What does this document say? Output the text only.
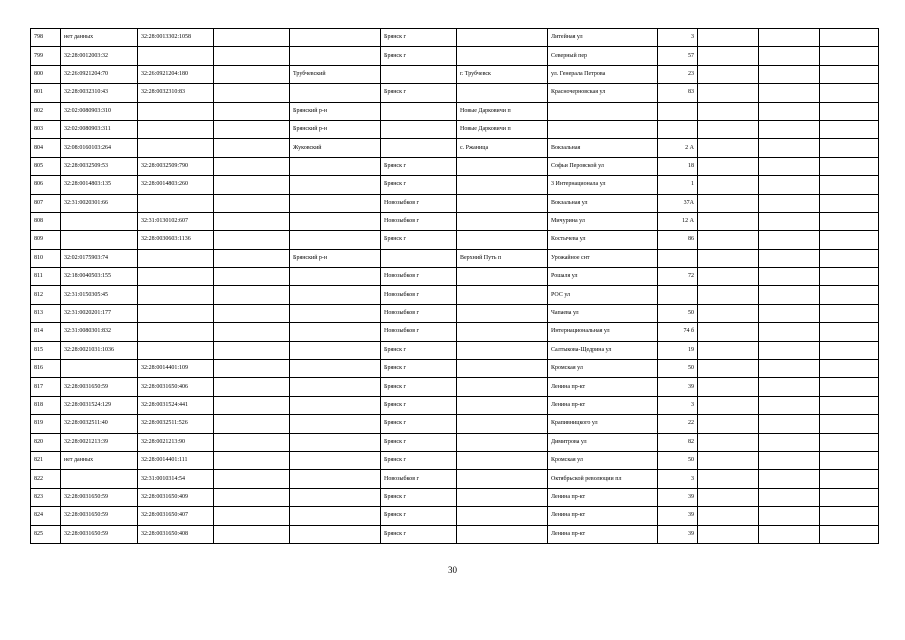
798	нет данных	32:28:0013302:1058			Брянск г		Литейная ул	3			
799	32:28:0012003:32				Брянск г		Северный пер	57			
800	32:26:0921204:70	32:26:0921204:180		Трубчевский		г. Трубчевск	ул. Генерала Петрова	23			
801	32:28:0032310:43	32:28:0032310:83			Брянск г		Красночерновская ул	83			
802	32:02:0080903:310			Брянский р-н		Новые Дарковичи п					
803	32:02:0080903:311			Брянский р-н		Новые Дарковичи п					
804	32:08:0160103:264			Жуковский		с. Ржаница	Вокзальная	2 А			
805	32:28:0032509:53	32:28:0032509:790			Брянск г		Софьи Перовской ул	18			
806	32:28:0014803:135	32:28:0014803:260			Брянск г		3 Интернационала ул	1			
807	32:31:0020301:66				Новозыбков г		Вокзальная ул	37А			
808		32:31:0130102:607			Новозыбков г		Мичурина ул	12 А			
809		32:28:0030603:1136			Брянск г		Костычева ул	86			
810	32:02:0175903:74			Брянский р-н		Верхний Путь п	Урожайное снт				
811	32:18:0040503:155				Новозыбков г		Рошаля ул	72			
812	32:31:0150305:45				Новозыбков г		РОС ул				
813	32:31:0020201:177				Новозыбков г		Чапаева ул	50			
814	32:31:0080301:832				Новозыбков г		Интернациональная ул	74 б			
815	32:28:0021031:1036				Брянск г		Салтыкова-Щедрина ул	19			
816		32:28:0014401:109			Брянск г		Кромская ул	50			
817	32:28:0031650:59	32:28:0031650:406			Брянск г		Ленина пр-кт	39			
818	32:28:0031524:129	32:28:0031524:441			Брянск г		Ленина пр-кт	3			
819	32:28:0032511:40	32:28:0032511:526			Брянск г		Крапивницкого ул	22			
820	32:28:0021213:39	32:28:0021213:90			Брянск г		Димитрова ул	82			
821	нет данных	32:28:0014401:111			Брянск г		Кромская ул	50			
822		32:31:0010314:54			Новозыбков г		Октябрьской революции пл	3			
823	32:28:0031650:59	32:28:0031650:409			Брянск г		Ленина пр-кт	39			
824	32:28:0031650:59	32:28:0031650:407			Брянск г		Ленина пр-кт	39			
825	32:28:0031650:59	32:28:0031650:408			Брянск г		Ленина пр-кт	39			
30
